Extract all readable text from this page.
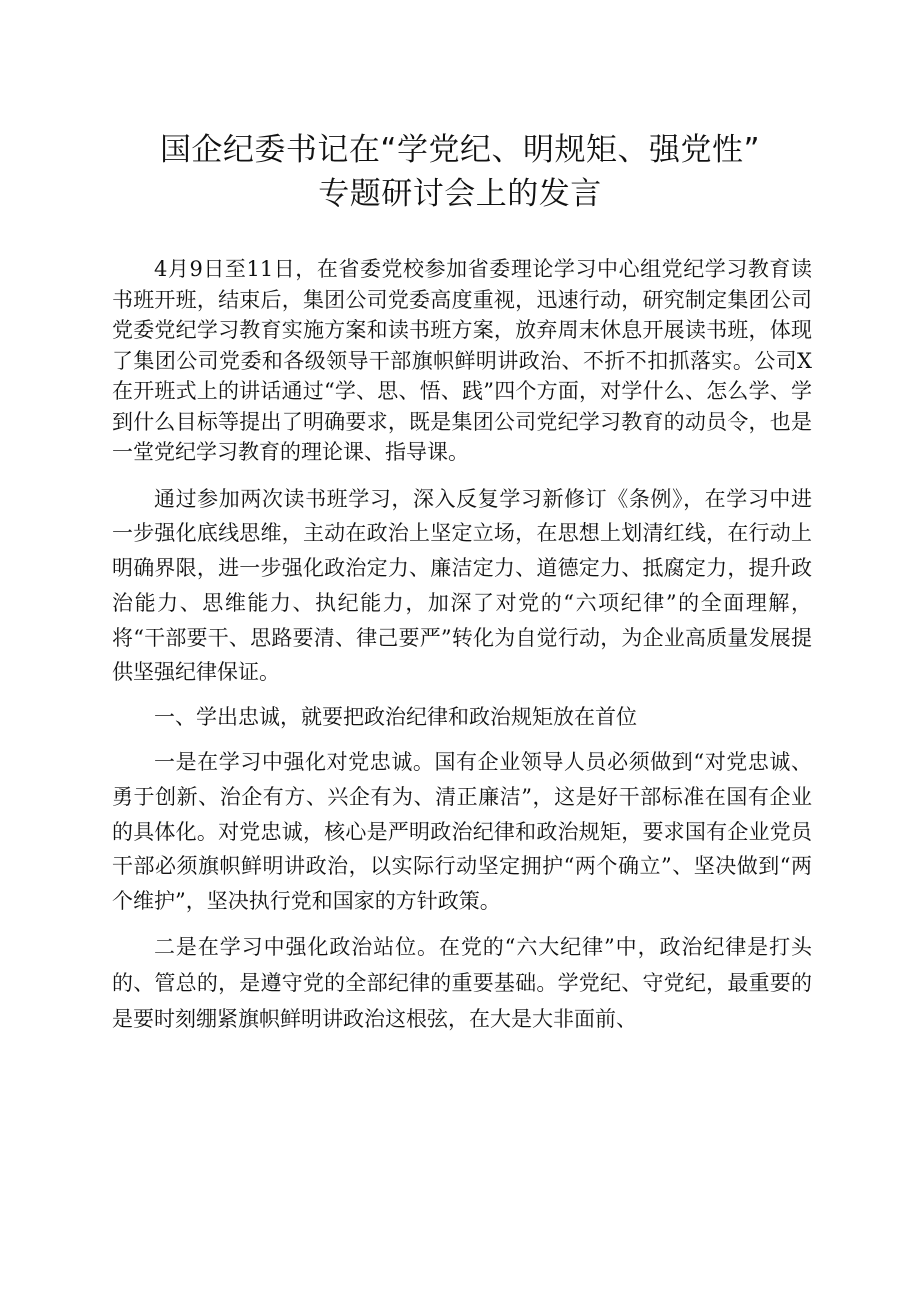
国企纪委书记在“学党纪、明规矩、强党性”
专题研讨会上的发言

4月9日至11日，在省委党校参加省委理论学习中心组党纪学习教育读书班开班，结束后，集团公司党委高度重视，迅速行动，研究制定集团公司党委党纪学习教育实施方案和读书班方案，放弃周末休息开展读书班，体现了集团公司党委和各级领导干部旗帜鲜明讲政治、不折不扣抓落实。公司X在开班式上的讲话通过“学、思、悟、践”四个方面，对学什么、怎么学、学到什么目标等提出了明确要求，既是集团公司党纪学习教育的动员令，也是一堂党纪学习教育的理论课、指导课。

通过参加两次读书班学习，深入反复学习新修订《条例》，在学习中进一步强化底线思维，主动在政治上坚定立场，在思想上划清红线，在行动上明确界限，进一步强化政治定力、廉洁定力、道德定力、抵腐定力，提升政治能力、思维能力、执纪能力，加深了对党的“六项纪律”的全面理解，将“干部要干、思路要清、律己要严”转化为自觉行动，为企业高质量发展提供坚强纪律保证。

一、学出忠诚，就要把政治纪律和政治规矩放在首位

一是在学习中强化对党忠诚。国有企业领导人员必须做到“对党忠诚、勇于创新、治企有方、兴企有为、清正廉洁”，这是好干部标准在国有企业的具体化。对党忠诚，核心是严明政治纪律和政治规矩，要求国有企业党员干部必须旗帜鲜明讲政治，以实际行动坚定拥护“两个确立”、坚决做到“两个维护”，坚决执行党和国家的方针政策。

二是在学习中强化政治站位。在党的“六大纪律”中，政治纪律是打头的、管总的，是遵守党的全部纪律的重要基础。学党纪、守党纪，最重要的是要时刻绷紧旗帜鲜明讲政治这根弦，在大是大非面前、
